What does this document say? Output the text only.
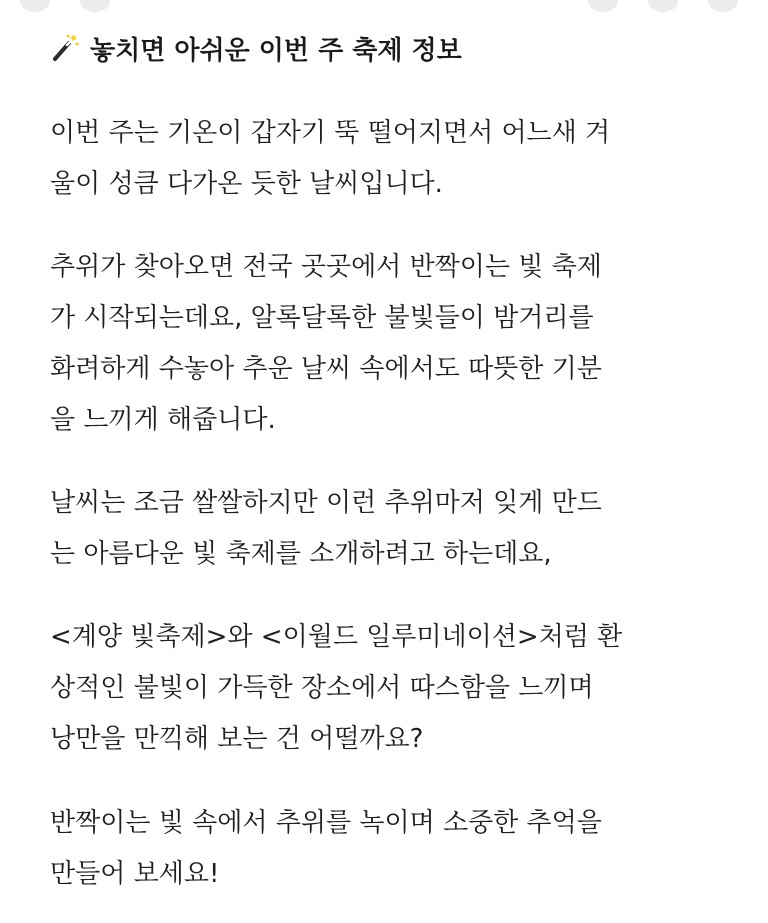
놓치면 아쉬운 이번 주 축제 정보
이번 주는 기온이 갑자기 뚝 떨어지면서 어느새 겨
울이 성큼 다가온 듯한 날씨입니다.
추위가 찾아오면 전국 곳곳에서 반짝이는 빛 축제
가 시작되는데요, 알록달록한 불빛들이 밤거리를
화려하게 수놓아 추운 날씨 속에서도 따뜻한 기분
을 느끼게 해줍니다.
날씨는 조금 쌀쌀하지만 이런 추위마저 잊게 만드
는 아름다운 빛 축제를 소개하려고 하는데요,
<계양 빛축제>와 <이월드 일루미네이션>처럼 환
상적인 불빛이 가득한 장소에서 따스함을 느끼며
낭만을 만끽해 보는 건 어떨까요?
반짝이는 빛 속에서 추위를 녹이며 소중한 추억을
만들어 보세요!
